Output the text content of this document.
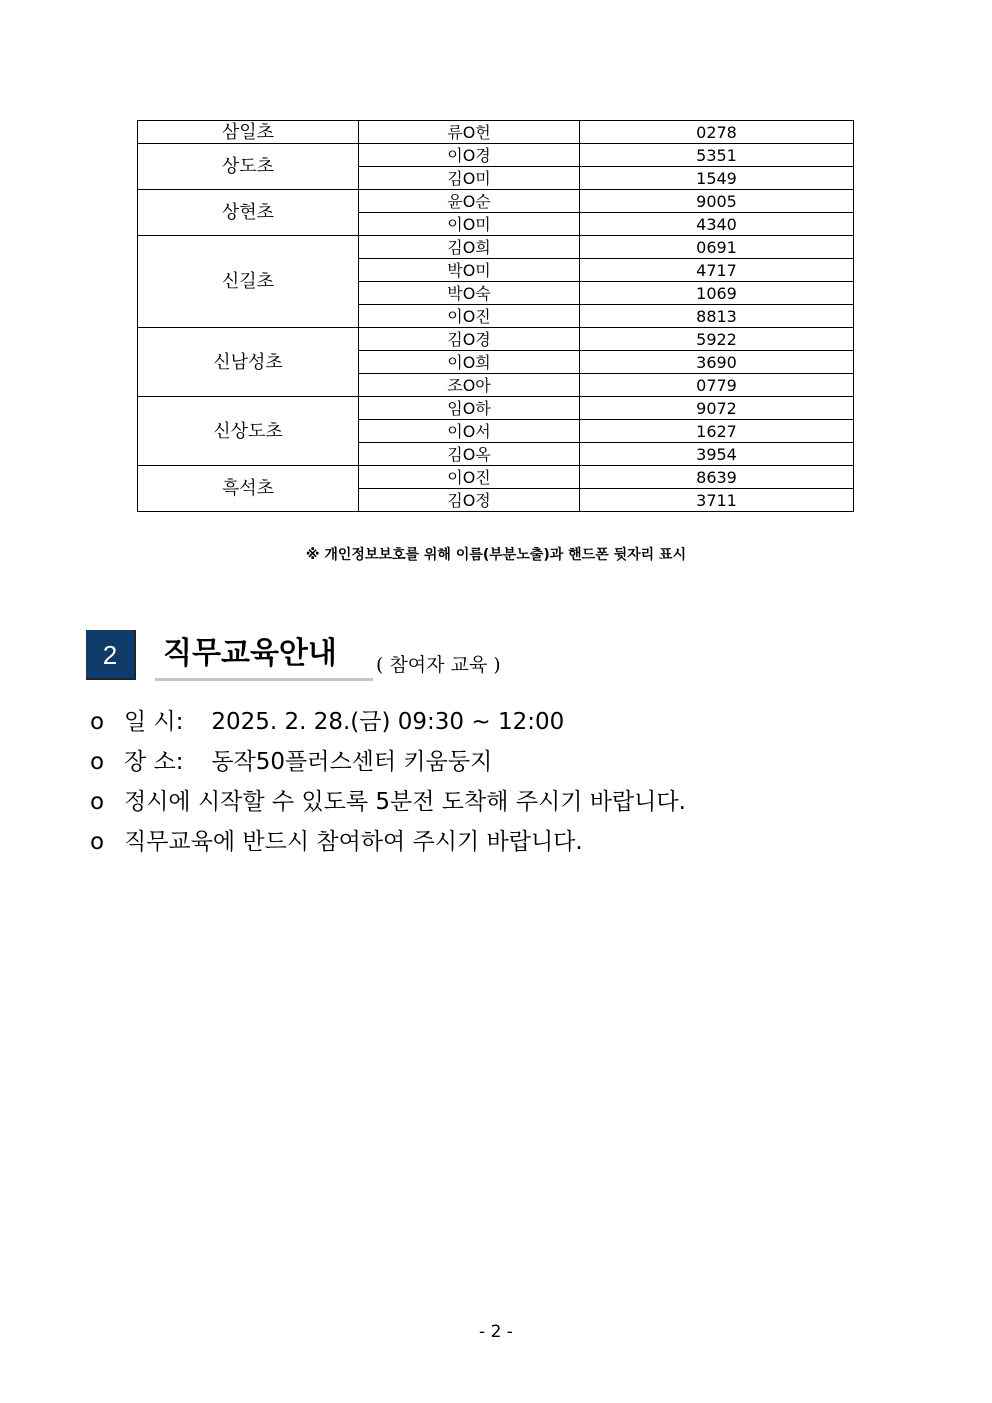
삼일초	류O헌	0278
상도초	이O경	5351
	김O미	1549
상현초	윤O순	9005
	이O미	4340
신길초	김O희	0691
	박O미	4717
	박O숙	1069
	이O진	8813
신남성초	김O경	5922
	이O희	3690
	조O아	0779
신상도초	임O하	9072
	이O서	1627
	김O옥	3954
흑석초	이O진	8639
	김O정	3711
※ 개인정보보호를 위해 이름(부분노출)과 핸드폰 뒷자리 표시
2	직무교육안내 ( 참여자 교육 )
o 일 시: 2025. 2. 28.(금) 09:30 ~ 12:00
o 장 소: 동작50플러스센터 키움둥지
o 정시에 시작할 수 있도록 5분전 도착해 주시기 바랍니다.
o 직무교육에 반드시 참여하여 주시기 바랍니다.
- 2 -
